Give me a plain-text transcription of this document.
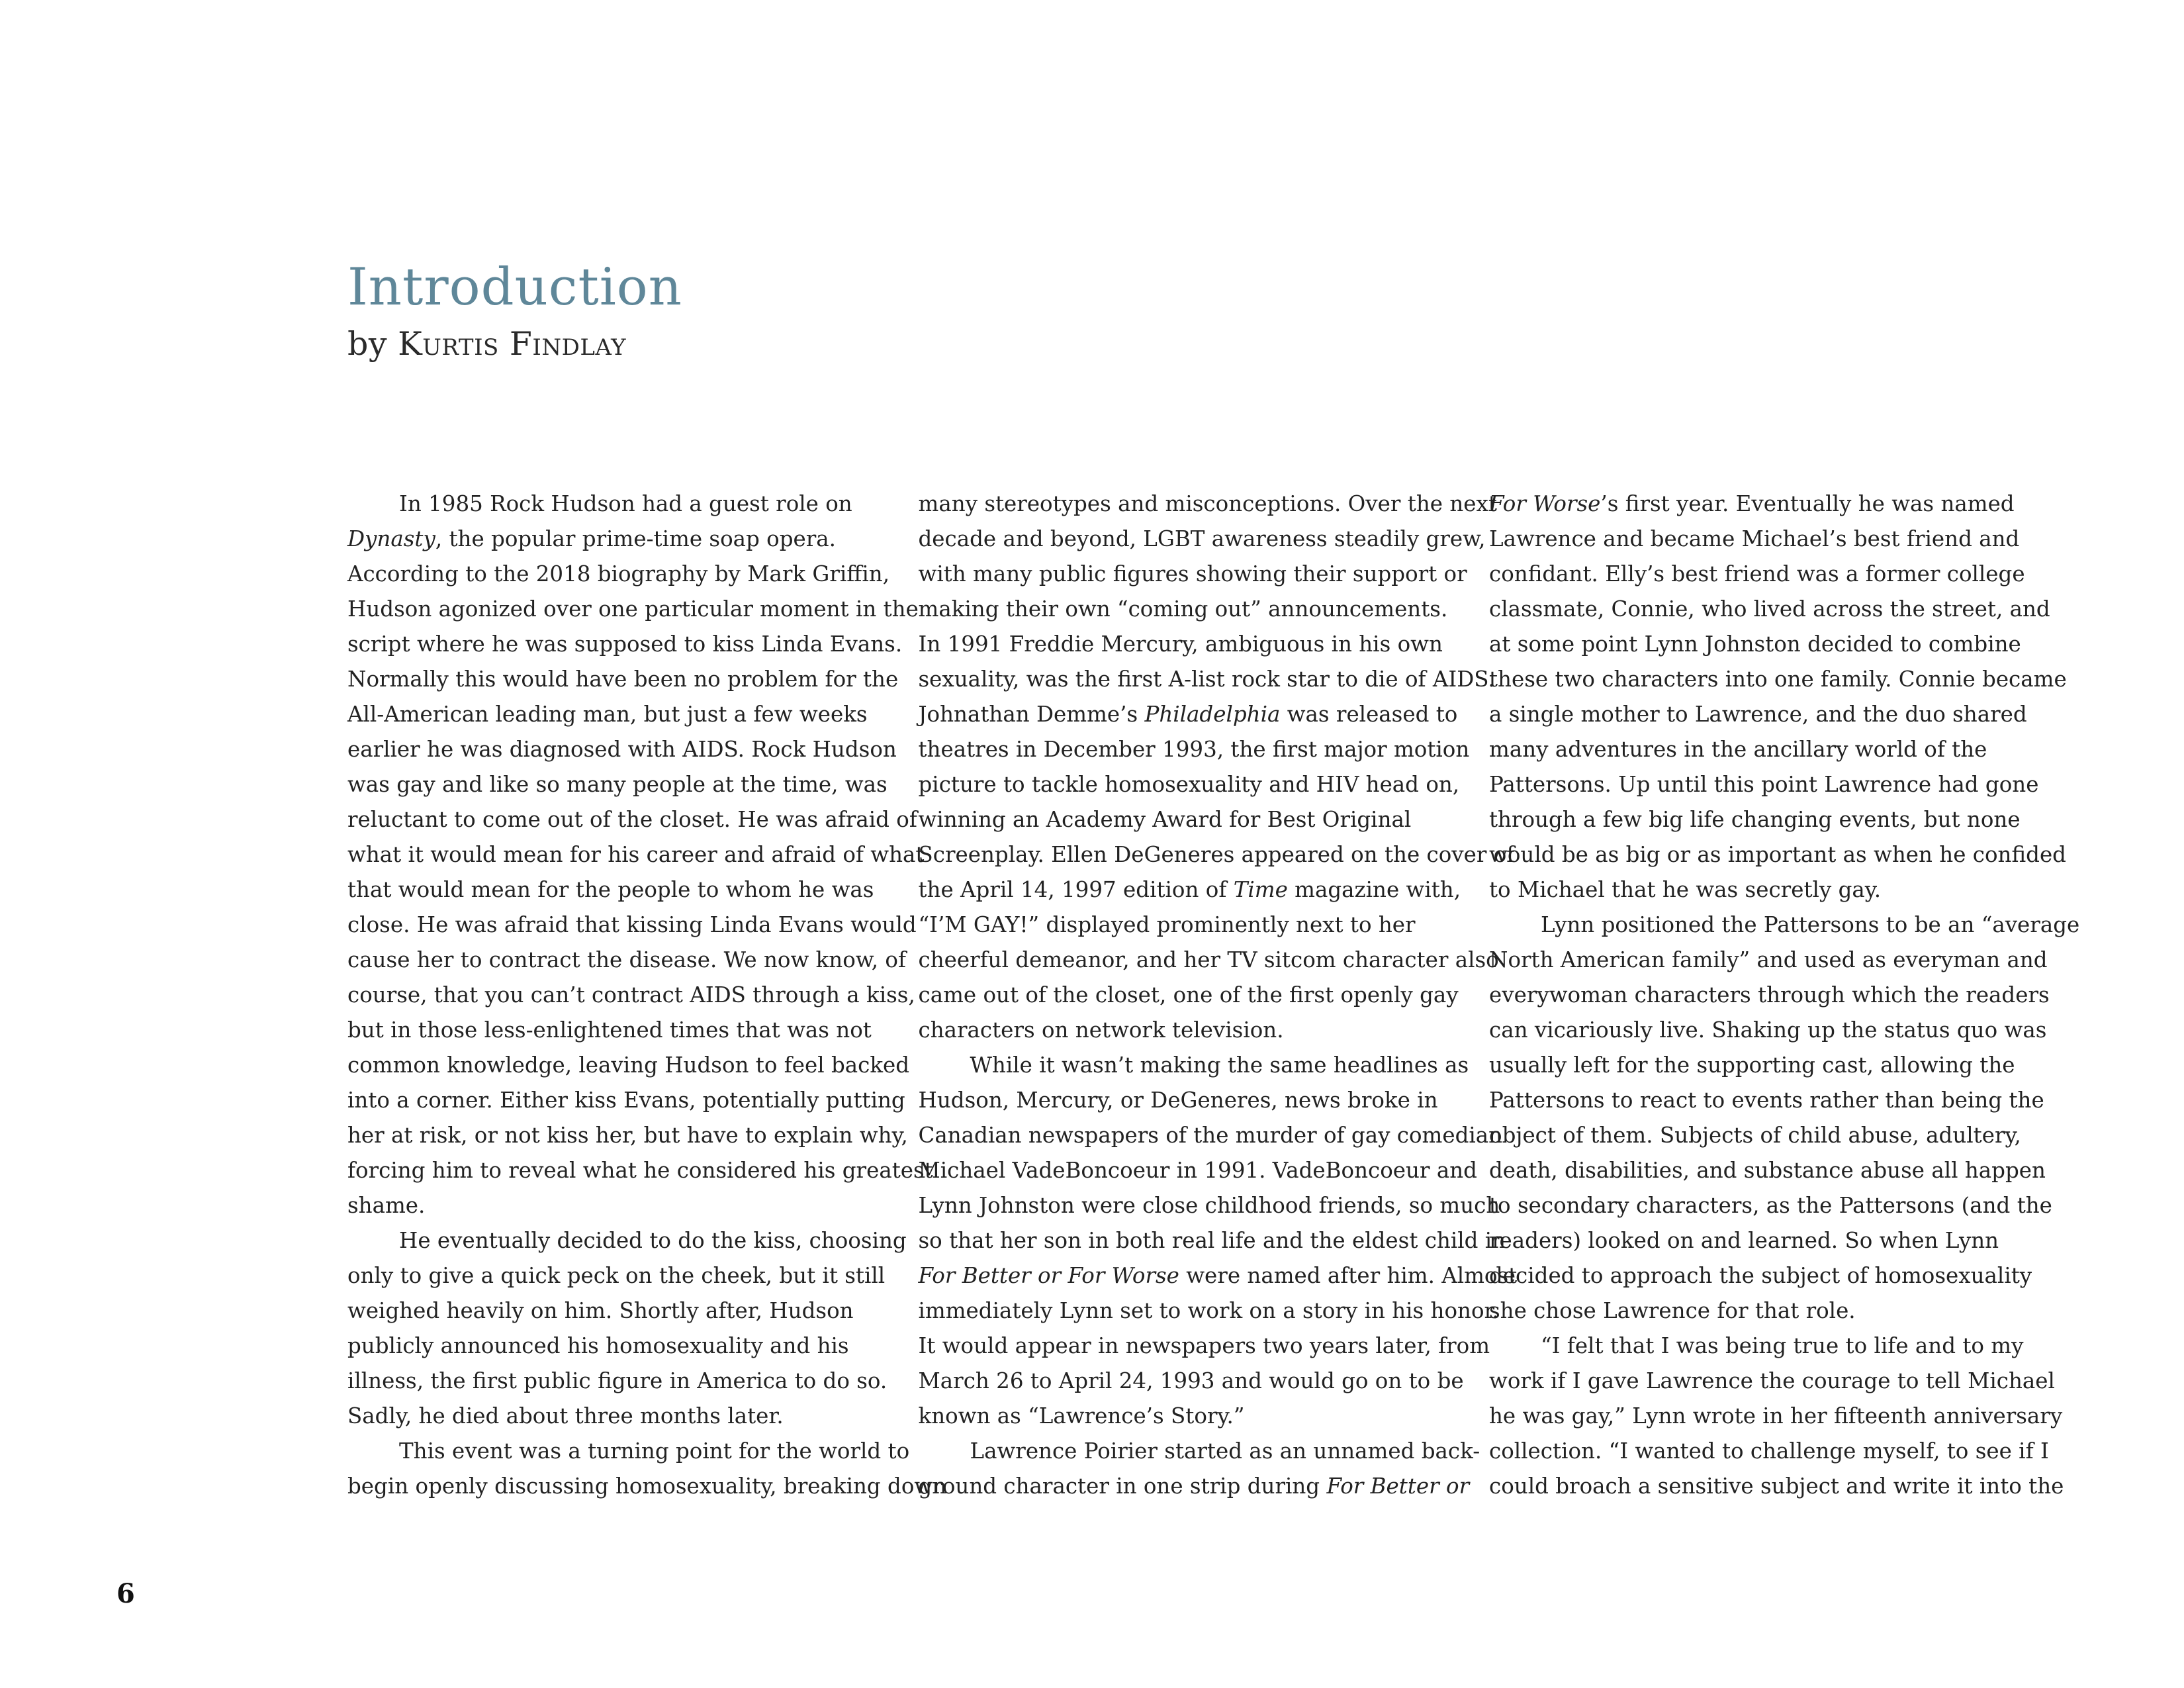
Introduction
by Kurtis Findlay
In 1985 Rock Hudson had a guest role on
Dynasty, the popular prime-time soap opera.
According to the 2018 biography by Mark Griffin,
Hudson agonized over one particular moment in the
script where he was supposed to kiss Linda Evans.
Normally this would have been no problem for the
All-American leading man, but just a few weeks
earlier he was diagnosed with AIDS. Rock Hudson
was gay and like so many people at the time, was
reluctant to come out of the closet. He was afraid of
what it would mean for his career and afraid of what
that would mean for the people to whom he was
close. He was afraid that kissing Linda Evans would
cause her to contract the disease. We now know, of
course, that you can’t contract AIDS through a kiss,
but in those less-enlightened times that was not
common knowledge, leaving Hudson to feel backed
into a corner. Either kiss Evans, potentially putting
her at risk, or not kiss her, but have to explain why,
forcing him to reveal what he considered his greatest
shame.
He eventually decided to do the kiss, choosing
only to give a quick peck on the cheek, but it still
weighed heavily on him. Shortly after, Hudson
publicly announced his homosexuality and his
illness, the first public figure in America to do so.
Sadly, he died about three months later.
This event was a turning point for the world to
begin openly discussing homosexuality, breaking down
many stereotypes and misconceptions. Over the next
decade and beyond, LGBT awareness steadily grew,
with many public figures showing their support or
making their own “coming out” announcements.
In 1991 Freddie Mercury, ambiguous in his own
sexuality, was the first A-list rock star to die of AIDS.
Johnathan Demme’s Philadelphia was released to
theatres in December 1993, the first major motion
picture to tackle homosexuality and HIV head on,
winning an Academy Award for Best Original
Screenplay. Ellen DeGeneres appeared on the cover of
the April 14, 1997 edition of Time magazine with,
“I’M GAY!” displayed prominently next to her
cheerful demeanor, and her TV sitcom character also
came out of the closet, one of the first openly gay
characters on network television.
While it wasn’t making the same headlines as
Hudson, Mercury, or DeGeneres, news broke in
Canadian newspapers of the murder of gay comedian
Michael VadeBoncoeur in 1991. VadeBoncoeur and
Lynn Johnston were close childhood friends, so much
so that her son in both real life and the eldest child in
For Better or For Worse were named after him. Almost
immediately Lynn set to work on a story in his honor.
It would appear in newspapers two years later, from
March 26 to April 24, 1993 and would go on to be
known as “Lawrence’s Story.”
Lawrence Poirier started as an unnamed back-
ground character in one strip during For Better or
For Worse’s first year. Eventually he was named
Lawrence and became Michael’s best friend and
confidant. Elly’s best friend was a former college
classmate, Connie, who lived across the street, and
at some point Lynn Johnston decided to combine
these two characters into one family. Connie became
a single mother to Lawrence, and the duo shared
many adventures in the ancillary world of the
Pattersons. Up until this point Lawrence had gone
through a few big life changing events, but none
would be as big or as important as when he confided
to Michael that he was secretly gay.
Lynn positioned the Pattersons to be an “average
North American family” and used as everyman and
everywoman characters through which the readers
can vicariously live. Shaking up the status quo was
usually left for the supporting cast, allowing the
Pattersons to react to events rather than being the
object of them. Subjects of child abuse, adultery,
death, disabilities, and substance abuse all happen
to secondary characters, as the Pattersons (and the
readers) looked on and learned. So when Lynn
decided to approach the subject of homosexuality
she chose Lawrence for that role.
“I felt that I was being true to life and to my
work if I gave Lawrence the courage to tell Michael
he was gay,” Lynn wrote in her fifteenth anniversary
collection. “I wanted to challenge myself, to see if I
could broach a sensitive subject and write it into the
6
